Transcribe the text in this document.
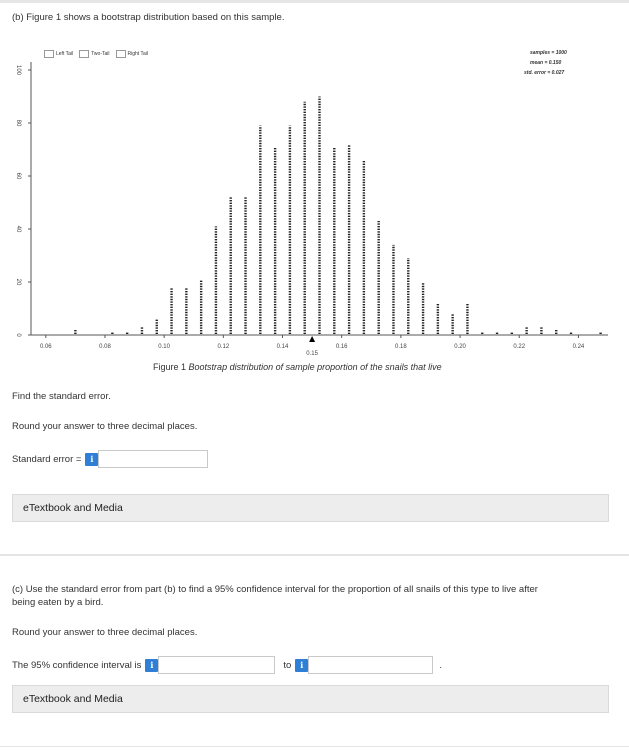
(b) Figure 1 shows a bootstrap distribution based on this sample.
0
20
40
60
80
100
0.06	0.08	0.10	0.12	0.14	0.16	0.18	0.20	0.22	0.24
0.15
Left Tail	Two-Tail	Right Tail	samples = 1000
mean = 0.150
std. error = 0.027
Figure 1 Bootstrap distribution of sample proportion of the snails that live
Find the standard error.
Round your answer to three decimal places.
Standard error =	i
eTextbook and Media
(c) Use the standard error from part (b) to find a 95% confidence interval for the proportion of all snails of this type to live after
being eaten by a bird.
Round your answer to three decimal places.
The 95% confidence interval is	i	to	i	.
eTextbook and Media
